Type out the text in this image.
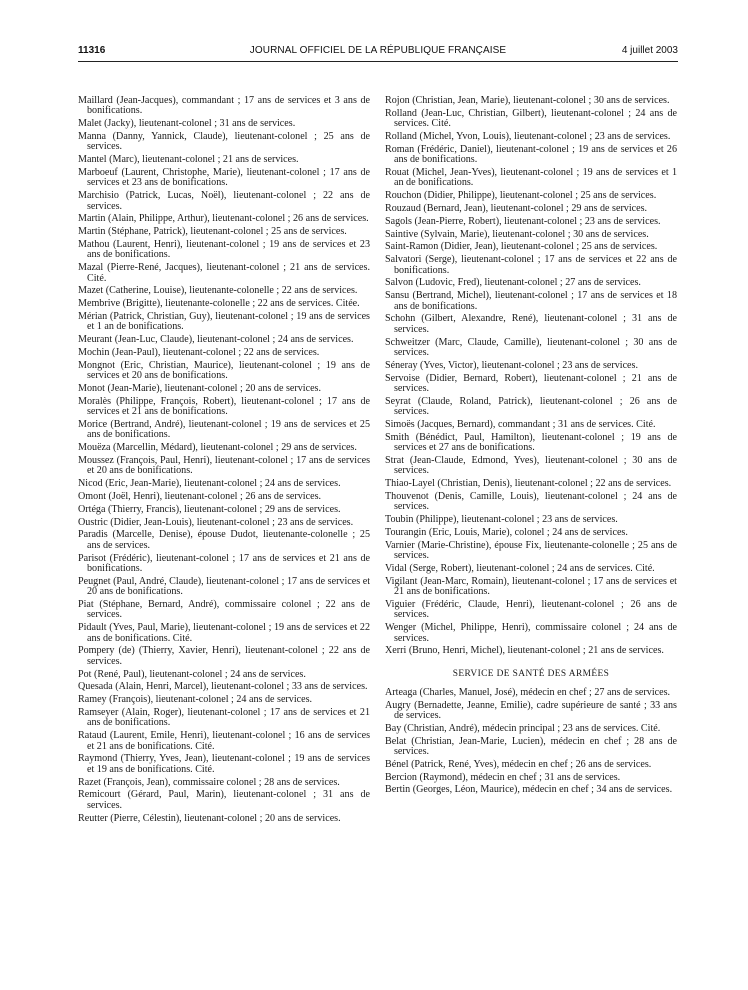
11316	JOURNAL OFFICIEL DE LA RÉPUBLIQUE FRANÇAISE	4 juillet 2003

Maillard (Jean-Jacques), commandant ; 17 ans de services et 3 ans de bonifications.

Malet (Jacky), lieutenant-colonel ; 31 ans de services.

Manna (Danny, Yannick, Claude), lieutenant-colonel ; 25 ans de services.

Mantel (Marc), lieutenant-colonel ; 21 ans de services.

Marboeuf (Laurent, Christophe, Marie), lieutenant-colonel ; 17 ans de services et 23 ans de bonifications.

Marchisio (Patrick, Lucas, Noël), lieutenant-colonel ; 22 ans de services.

Martin (Alain, Philippe, Arthur), lieutenant-colonel ; 26 ans de services.

Martin (Stéphane, Patrick), lieutenant-colonel ; 25 ans de services.

Mathou (Laurent, Henri), lieutenant-colonel ; 19 ans de services et 23 ans de bonifications.

Mazal (Pierre-René, Jacques), lieutenant-colonel ; 21 ans de services. Cité.

Mazet (Catherine, Louise), lieutenante-colonelle ; 22 ans de services.

Membrive (Brigitte), lieutenante-colonelle ; 22 ans de services. Citée.

Mérian (Patrick, Christian, Guy), lieutenant-colonel ; 19 ans de services et 1 an de bonifications.

Meurant (Jean-Luc, Claude), lieutenant-colonel ; 24 ans de services.

Mochin (Jean-Paul), lieutenant-colonel ; 22 ans de services.

Mongnot (Eric, Christian, Maurice), lieutenant-colonel ; 19 ans de services et 20 ans de bonifications.

Monot (Jean-Marie), lieutenant-colonel ; 20 ans de services.

Moralès (Philippe, François, Robert), lieutenant-colonel ; 17 ans de services et 21 ans de bonifications.

Morice (Bertrand, André), lieutenant-colonel ; 19 ans de services et 25 ans de bonifications.

Mouëza (Marcellin, Médard), lieutenant-colonel ; 29 ans de services.

Moussez (François, Paul, Henri), lieutenant-colonel ; 17 ans de services et 20 ans de bonifications.

Nicod (Eric, Jean-Marie), lieutenant-colonel ; 24 ans de services.

Omont (Joël, Henri), lieutenant-colonel ; 26 ans de services.

Ortéga (Thierry, Francis), lieutenant-colonel ; 29 ans de services.

Oustric (Didier, Jean-Louis), lieutenant-colonel ; 23 ans de services.

Paradis (Marcelle, Denise), épouse Dudot, lieutenante-colonelle ; 25 ans de services.

Parisot (Frédéric), lieutenant-colonel ; 17 ans de services et 21 ans de bonifications.

Peugnet (Paul, André, Claude), lieutenant-colonel ; 17 ans de services et 20 ans de bonifications.

Piat (Stéphane, Bernard, André), commissaire colonel ; 22 ans de services.

Pidault (Yves, Paul, Marie), lieutenant-colonel ; 19 ans de services et 22 ans de bonifications. Cité.

Pompery (de) (Thierry, Xavier, Henri), lieutenant-colonel ; 22 ans de services.

Pot (René, Paul), lieutenant-colonel ; 24 ans de services.

Quesada (Alain, Henri, Marcel), lieutenant-colonel ; 33 ans de services.

Ramey (François), lieutenant-colonel ; 24 ans de services.

Ramseyer (Alain, Roger), lieutenant-colonel ; 17 ans de services et 21 ans de bonifications.

Rataud (Laurent, Emile, Henri), lieutenant-colonel ; 16 ans de services et 21 ans de bonifications. Cité.

Raymond (Thierry, Yves, Jean), lieutenant-colonel ; 19 ans de services et 19 ans de bonifications. Cité.

Razet (François, Jean), commissaire colonel ; 28 ans de services.

Remicourt (Gérard, Paul, Marin), lieutenant-colonel ; 31 ans de services.

Reutter (Pierre, Célestin), lieutenant-colonel ; 20 ans de services.

Rojon (Christian, Jean, Marie), lieutenant-colonel ; 30 ans de services.

Rolland (Jean-Luc, Christian, Gilbert), lieutenant-colonel ; 24 ans de services. Cité.

Rolland (Michel, Yvon, Louis), lieutenant-colonel ; 23 ans de services.

Roman (Frédéric, Daniel), lieutenant-colonel ; 19 ans de services et 26 ans de bonifications.

Rouat (Michel, Jean-Yves), lieutenant-colonel ; 19 ans de services et 1 an de bonifications.

Rouchon (Didier, Philippe), lieutenant-colonel ; 25 ans de services.

Rouzaud (Bernard, Jean), lieutenant-colonel ; 29 ans de services.

Sagols (Jean-Pierre, Robert), lieutenant-colonel ; 23 ans de services.

Saintive (Sylvain, Marie), lieutenant-colonel ; 30 ans de services.

Saint-Ramon (Didier, Jean), lieutenant-colonel ; 25 ans de services.

Salvatori (Serge), lieutenant-colonel ; 17 ans de services et 22 ans de bonifications.

Salvon (Ludovic, Fred), lieutenant-colonel ; 27 ans de services.

Sansu (Bertrand, Michel), lieutenant-colonel ; 17 ans de services et 18 ans de bonifications.

Schohn (Gilbert, Alexandre, René), lieutenant-colonel ; 31 ans de services.

Schweitzer (Marc, Claude, Camille), lieutenant-colonel ; 30 ans de services.

Séneray (Yves, Victor), lieutenant-colonel ; 23 ans de services.

Servoise (Didier, Bernard, Robert), lieutenant-colonel ; 21 ans de services.

Seyrat (Claude, Roland, Patrick), lieutenant-colonel ; 26 ans de services.

Simoës (Jacques, Bernard), commandant ; 31 ans de services. Cité.

Smith (Bénédict, Paul, Hamilton), lieutenant-colonel ; 19 ans de services et 27 ans de bonifications.

Strat (Jean-Claude, Edmond, Yves), lieutenant-colonel ; 30 ans de services.

Thiao-Layel (Christian, Denis), lieutenant-colonel ; 22 ans de services.

Thouvenot (Denis, Camille, Louis), lieutenant-colonel ; 24 ans de services.

Toubin (Philippe), lieutenant-colonel ; 23 ans de services.

Tourangin (Eric, Louis, Marie), colonel ; 24 ans de services.

Varnier (Marie-Christine), épouse Fix, lieutenante-colonelle ; 25 ans de services.

Vidal (Serge, Robert), lieutenant-colonel ; 24 ans de services. Cité.

Vigilant (Jean-Marc, Romain), lieutenant-colonel ; 17 ans de services et 21 ans de bonifications.

Viguier (Frédéric, Claude, Henri), lieutenant-colonel ; 26 ans de services.

Wenger (Michel, Philippe, Henri), commissaire colonel ; 24 ans de services.

Xerri (Bruno, Henri, Michel), lieutenant-colonel ; 21 ans de services.

SERVICE DE SANTÉ DES ARMÉES

Arteaga (Charles, Manuel, José), médecin en chef ; 27 ans de services.

Augry (Bernadette, Jeanne, Emilie), cadre supérieure de santé ; 33 ans de services.

Bay (Christian, André), médecin principal ; 23 ans de services. Cité.

Belat (Christian, Jean-Marie, Lucien), médecin en chef ; 28 ans de services.

Bénel (Patrick, René, Yves), médecin en chef ; 26 ans de services.

Bercion (Raymond), médecin en chef ; 31 ans de services.

Bertin (Georges, Léon, Maurice), médecin en chef ; 34 ans de services.
